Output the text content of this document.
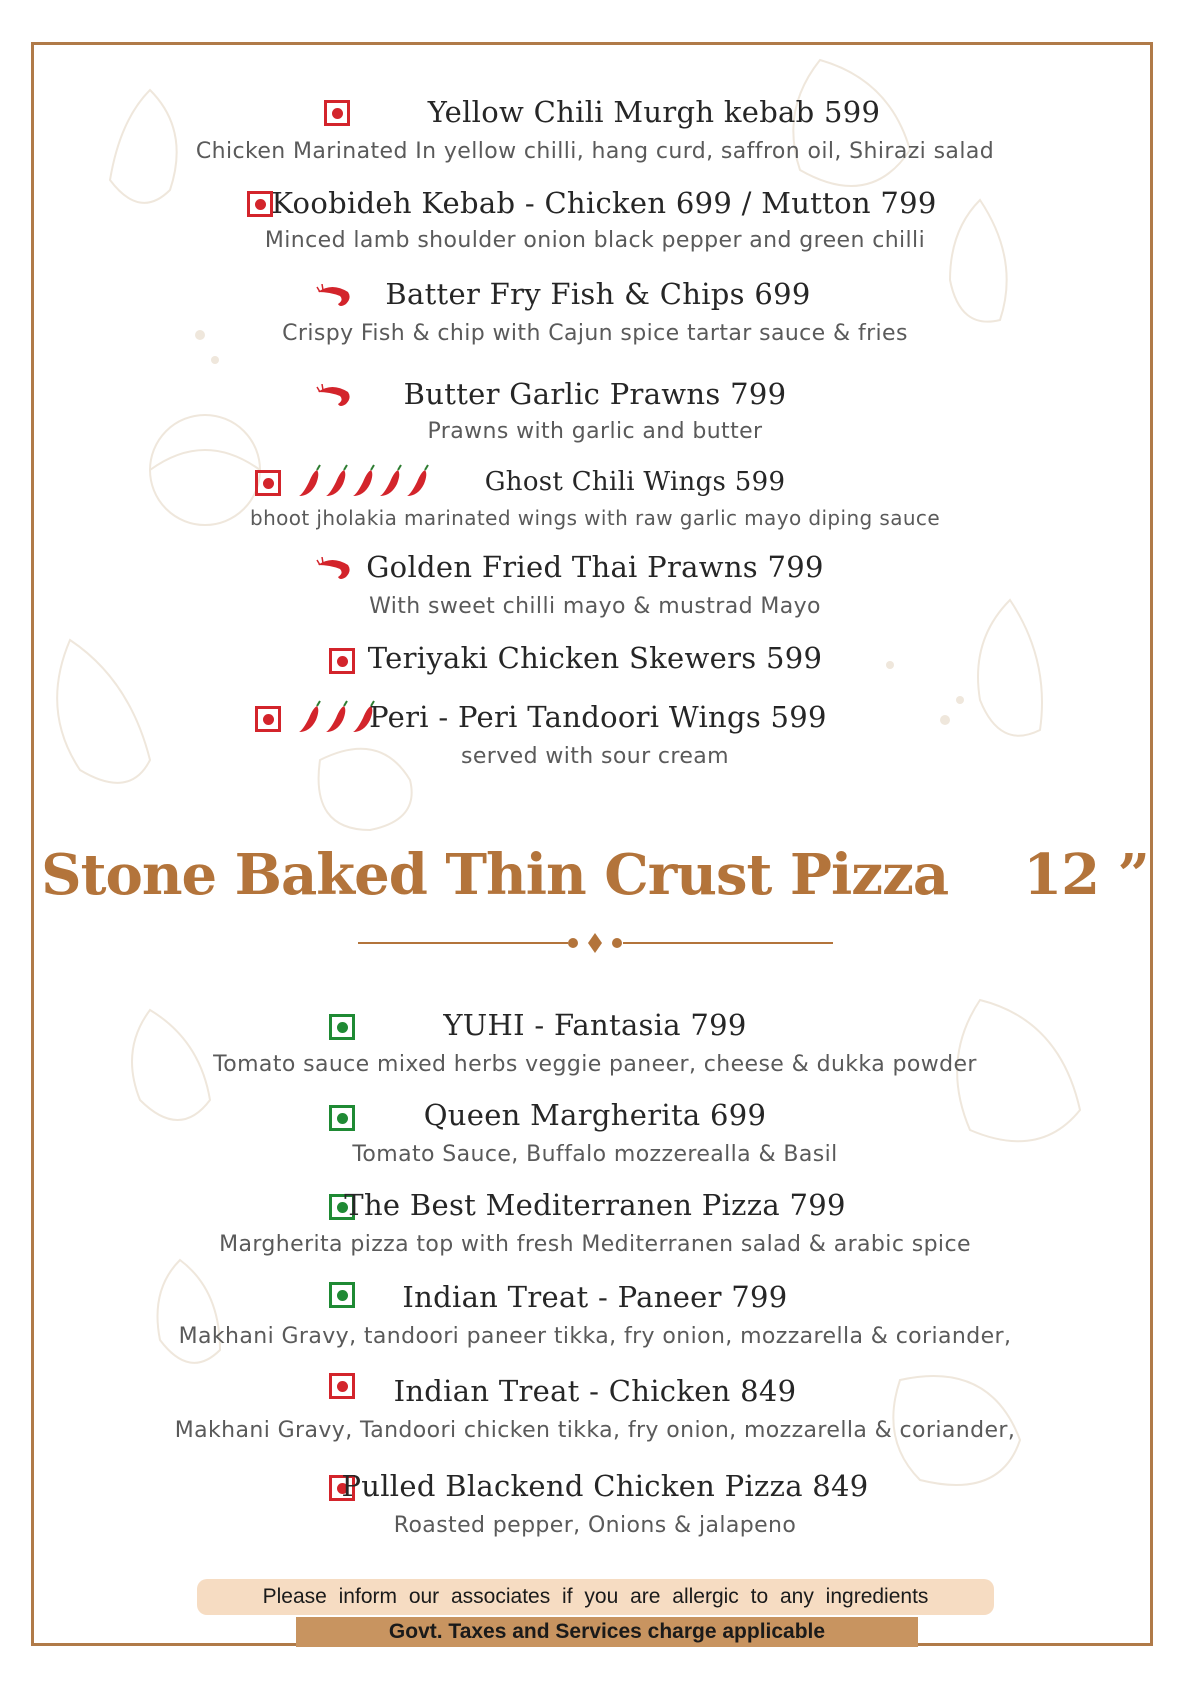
Yellow Chili Murgh kebab 599
Chicken Marinated In yellow chilli, hang curd, saffron oil, Shirazi salad
Koobideh Kebab - Chicken 699 / Mutton 799
Minced lamb shoulder onion black pepper and green chilli
Batter Fry Fish & Chips 699
Crispy Fish & chip with Cajun spice tartar sauce & fries
Butter Garlic Prawns 799
Prawns with garlic and butter
Ghost Chili Wings 599
bhoot jholakia marinated wings with raw garlic mayo diping sauce
Golden Fried Thai Prawns 799
With sweet chilli mayo & mustrad Mayo
Teriyaki Chicken Skewers 599
Peri - Peri Tandoori Wings 599
served with sour cream
Stone Baked Thin Crust Pizza 12 ”
YUHI - Fantasia 799
Tomato sauce mixed herbs veggie paneer, cheese & dukka powder
Queen Margherita 699
Tomato Sauce, Buffalo mozzerealla & Basil
The Best Mediterranen Pizza 799
Margherita pizza top with fresh Mediterranen salad & arabic spice
Indian Treat - Paneer 799
Makhani Gravy, tandoori paneer tikka, fry onion, mozzarella & coriander,
Indian Treat - Chicken 849
Makhani Gravy, Tandoori chicken tikka, fry onion, mozzarella & coriander,
Pulled Blackend Chicken Pizza 849
Roasted pepper, Onions & jalapeno
Please inform our associates if you are allergic to any ingredients
Govt. Taxes and Services charge applicable
